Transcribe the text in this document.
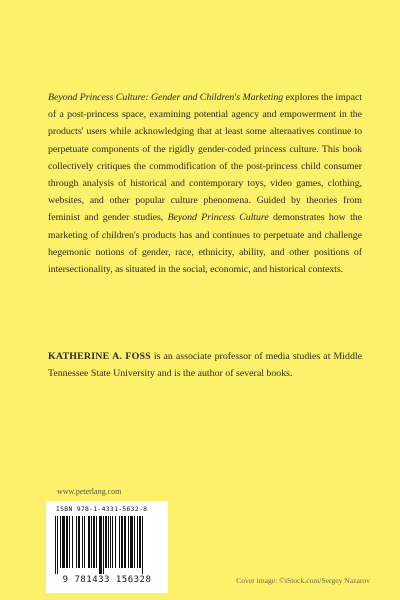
Beyond Princess Culture: Gender and Children's Marketing explores the impact of a post-princess space, examining potential agency and empowerment in the products' users while acknowledging that at least some alternatives continue to perpetuate components of the rigidly gender-coded princess culture. This book collectively critiques the commodification of the post-princess child consumer through analysis of historical and contemporary toys, video games, clothing, websites, and other popular culture phenomena. Guided by theories from feminist and gender studies, Beyond Princess Culture demonstrates how the marketing of children's products has and continues to perpetuate and challenge hegemonic notions of gender, race, ethnicity, ability, and other positions of intersectionality, as situated in the social, economic, and historical contexts.

KATHERINE A. FOSS is an associate professor of media studies at Middle Tennessee State University and is the author of several books.

www.peterlang.com
ISBN 978-1-4331-5632-8
9 781433 156328	Cover image: ©iStock.com/Sergey Nazarov
